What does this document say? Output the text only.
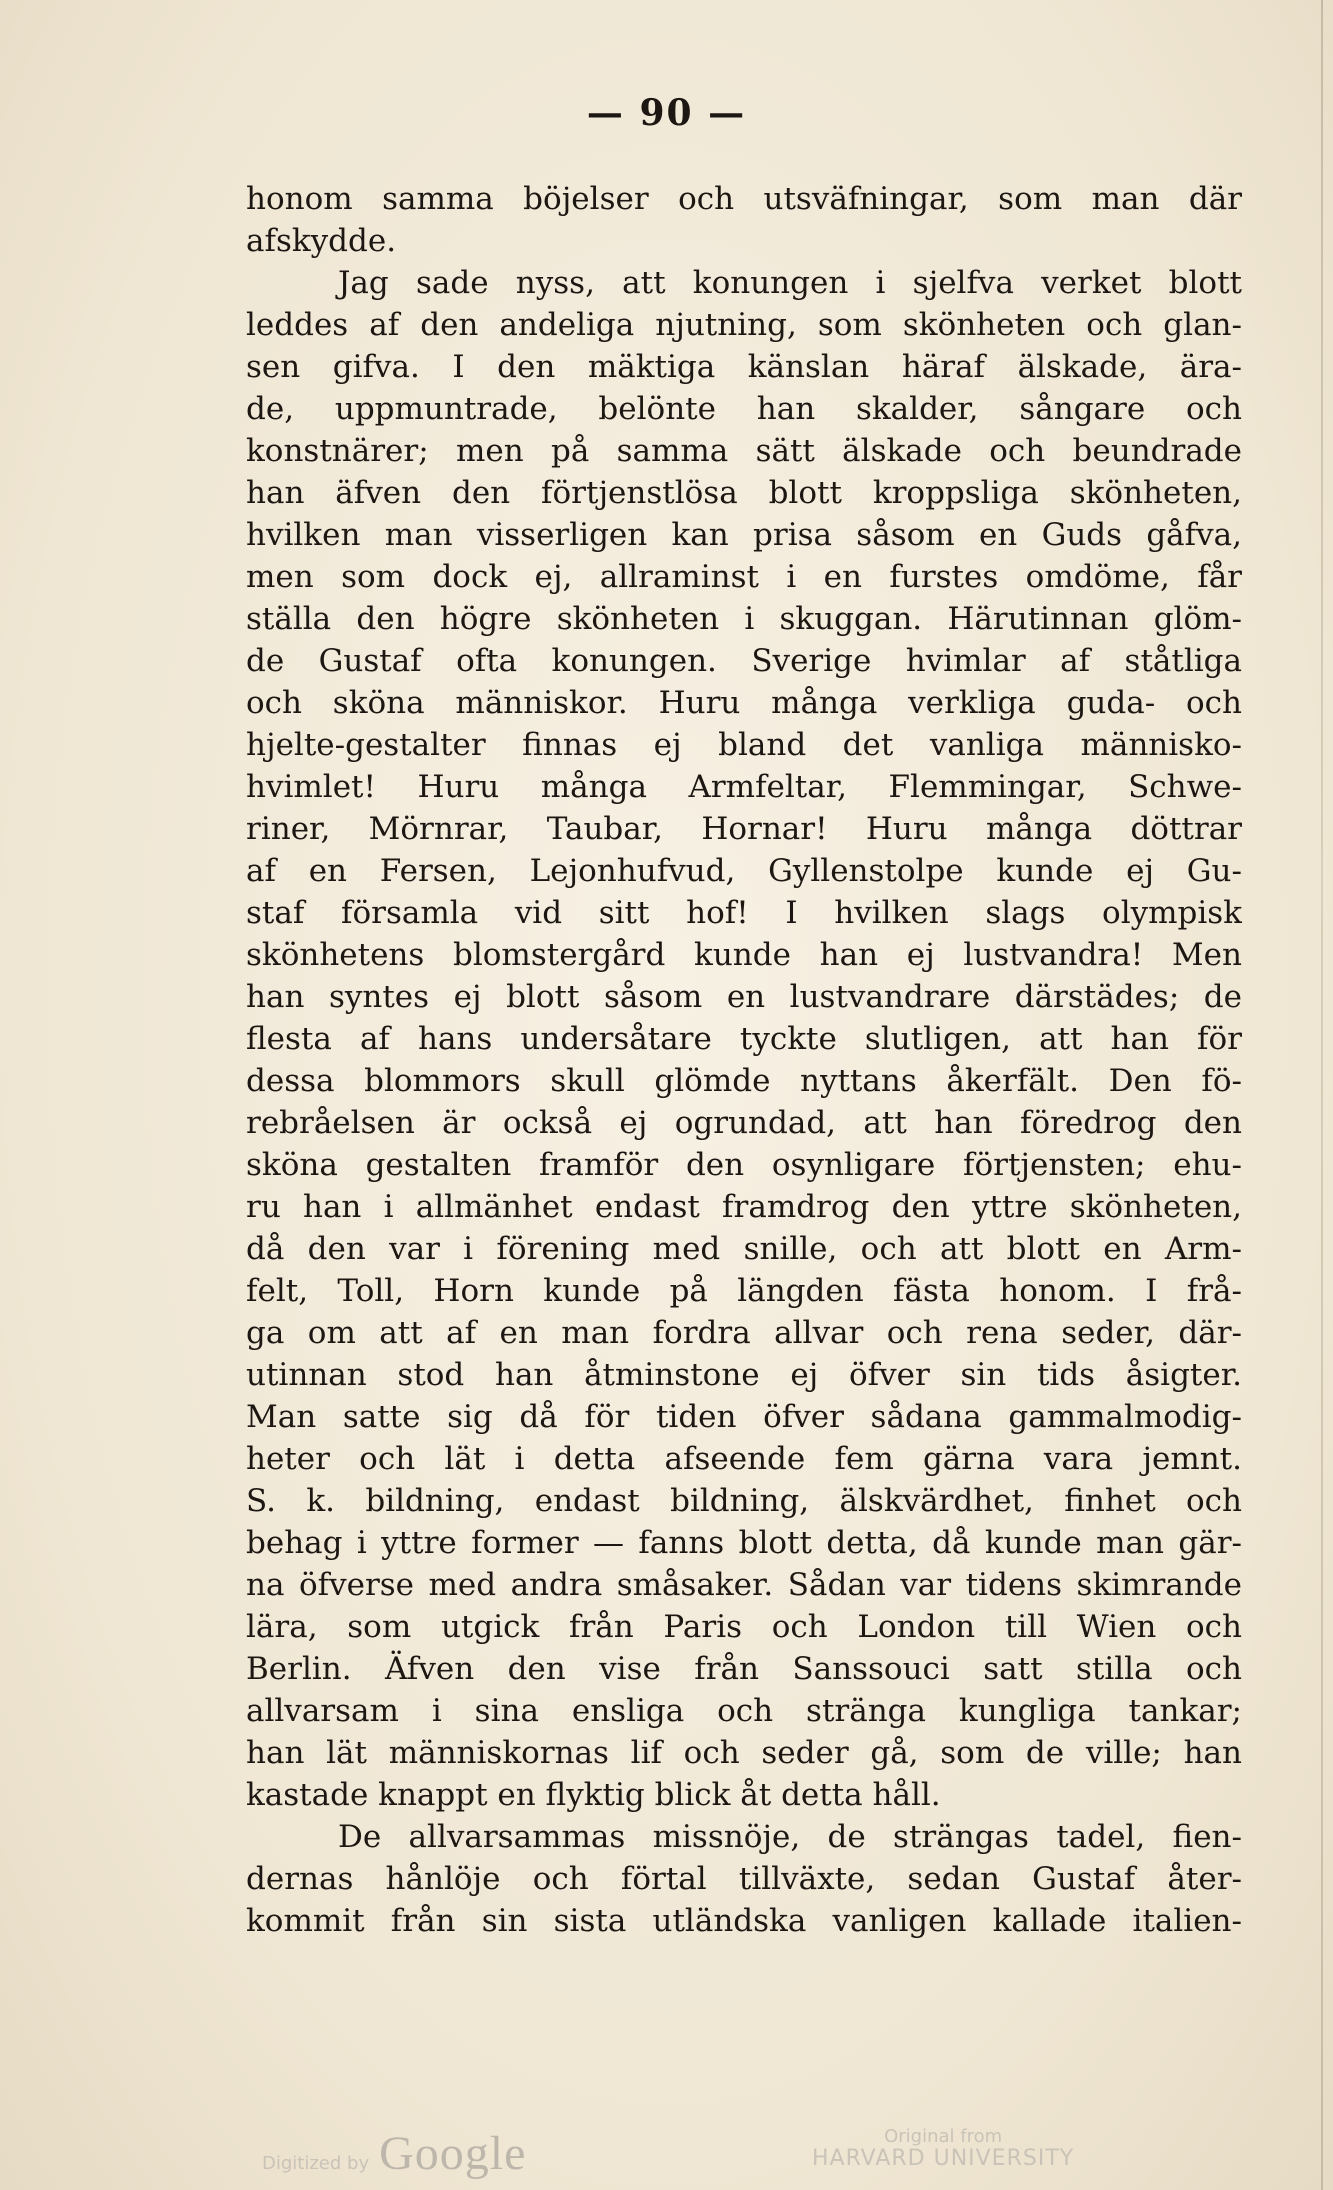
— 90 —
honom samma böjelser och utsväfningar, som man där
afskydde.
Jag sade nyss, att konungen i sjelfva verket blott
leddes af den andeliga njutning, som skönheten och glan-
sen gifva. I den mäktiga känslan häraf älskade, ära-
de, uppmuntrade, belönte han skalder, sångare och
konstnärer; men på samma sätt älskade och beundrade
han äfven den förtjenstlösa blott kroppsliga skönheten,
hvilken man visserligen kan prisa såsom en Guds gåfva,
men som dock ej, allraminst i en furstes omdöme, får
ställa den högre skönheten i skuggan. Härutinnan glöm-
de Gustaf ofta konungen. Sverige hvimlar af ståtliga
och sköna människor. Huru många verkliga guda- och
hjelte-gestalter finnas ej bland det vanliga människo-
hvimlet! Huru många Armfeltar, Flemmingar, Schwe-
riner, Mörnrar, Taubar, Hornar! Huru många döttrar
af en Fersen, Lejonhufvud, Gyllenstolpe kunde ej Gu-
staf församla vid sitt hof! I hvilken slags olympisk
skönhetens blomstergård kunde han ej lustvandra! Men
han syntes ej blott såsom en lustvandrare därstädes; de
flesta af hans undersåtare tyckte slutligen, att han för
dessa blommors skull glömde nyttans åkerfält. Den fö-
rebråelsen är också ej ogrundad, att han föredrog den
sköna gestalten framför den osynligare förtjensten; ehu-
ru han i allmänhet endast framdrog den yttre skönheten,
då den var i förening med snille, och att blott en Arm-
felt, Toll, Horn kunde på längden fästa honom. I frå-
ga om att af en man fordra allvar och rena seder, där-
utinnan stod han åtminstone ej öfver sin tids åsigter.
Man satte sig då för tiden öfver sådana gammalmodig-
heter och lät i detta afseende fem gärna vara jemnt.
S. k. bildning, endast bildning, älskvärdhet, finhet och
behag i yttre former — fanns blott detta, då kunde man gär-
na öfverse med andra småsaker. Sådan var tidens skimrande
lära, som utgick från Paris och London till Wien och
Berlin. Äfven den vise från Sanssouci satt stilla och
allvarsam i sina ensliga och stränga kungliga tankar;
han lät människornas lif och seder gå, som de ville; han
kastade knappt en flyktig blick åt detta håll.
De allvarsammas missnöje, de strängas tadel, fien-
dernas hånlöje och förtal tillväxte, sedan Gustaf åter-
kommit från sin sista utländska vanligen kallade italien-
Digitized by Google	Original from
HARVARD UNIVERSITY
